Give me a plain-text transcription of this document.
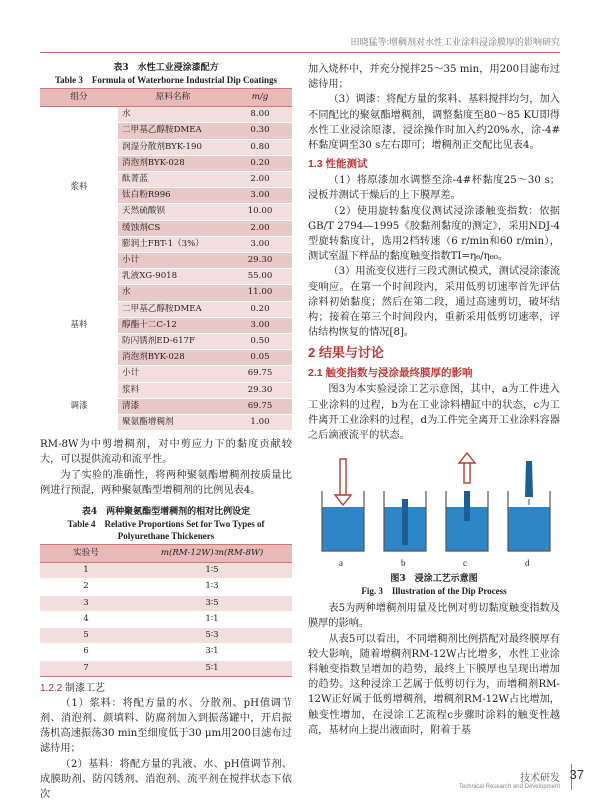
田晓猛等:增稠剂对水性工业涂料浸涂膜厚的影响研究
表3　水性工业浸涂漆配方
Table 3　Formula of Waterborne Industrial Dip Coatings
组分	原料名称	m/g
浆料	水	8.00
	二甲基乙醇胺DMEA	0.30
	润湿分散剂BYK-190	0.80
	消泡剂BYK-028	0.20
	酞菁蓝	2.00
	钛白粉R996	3.00
	天然硫酸钡	10.00
	缓蚀剂CS	2.00
	膨润土FBT-1（3%）	3.00
	小计	29.30
基料	乳液XG-9018	55.00
	水	11.00
	二甲基乙醇胺DMEA	0.20
	醇酯十二C-12	3.00
	防闪锈剂ED-617F	0.50
	消泡剂BYK-028	0.05
	小计	69.75
调漆	浆料	29.30
	清漆	69.75
	聚氨酯增稠剂	1.00

RM-8W为中剪增稠剂，对中剪应力下的黏度贡献较大，可以提供流动和流平性。

为了实验的准确性，将两种聚氨酯增稠剂按质量比例进行预混，两种聚氨酯型增稠剂的比例见表4。

表4　两种聚氨酯型增稠剂的相对比例设定
Table 4　Relative Proportions Set for Two Types of
Polyurethane Thickeners
实验号	m(RM-12W)∶m(RM-8W)
1	1∶5
2	1∶3
3	3∶5
4	1∶1
5	5∶3
6	3∶1
7	5∶1
1.2.2 制漆工艺

（1）浆料：将配方量的水、分散剂、pH值调节剂、消泡剂、颜填料、防腐剂加入到振荡罐中，开启振荡机高速振荡30 min至细度低于30 μm用200目滤布过滤待用；

（2）基料：将配方量的乳液、水、pH值调节剂、成膜助剂、防闪锈剂、消泡剂、流平剂在搅拌状态下依次

加入烧杯中，并充分搅拌25～35 min，用200目滤布过滤待用；

（3）调漆：将配方量的浆料、基料搅拌均匀，加入不同配比的聚氨酯增稠剂，调整黏度至80～85 KU即得水性工业浸涂原漆，浸涂操作时加入约20%水，涂-4#杯黏度调至30 s左右即可；增稠剂正交配比见表4。

1.3 性能测试

（1）将原漆加水调整至涂-4#杯黏度25～30 s；浸板并测试干燥后的上下膜厚差。

（2）使用旋转黏度仪测试浸涂漆触变指数：依据GB/T 2794—1995《胶黏剂黏度的测定》，采用NDJ-4型旋转黏度计，选用2档转速（6 r/min和60 r/min），测试室温下样品的黏度触变指数TI=η₆/η₆₀。

（3）用流变仪进行三段式测试模式，测试浸涂漆流变响应。在第一个时间段内，采用低剪切速率首先评估涂料初始黏度；然后在第二段，通过高速剪切，破坏结构；接着在第三个时间段内，重新采用低剪切速率，评估结构恢复的情况[8]。

2 结果与讨论
2.1 触变指数与浸涂最终膜厚的影响

图3为本实验浸涂工艺示意图，其中，a为工件进入工业涂料的过程，b为在工业涂料槽缸中的状态，c为工件离开工业涂料的过程，d为工件完全离开工业涂料容器之后滴液流平的状态。

a	b	c	d
图3　浸涂工艺示意图
Fig. 3　Illustration of the Dip Process

表5为两种增稠剂用量及比例对剪切黏度触变指数及膜厚的影响。

从表5可以看出，不同增稠剂比例搭配对最终膜厚有较大影响，随着增稠剂RM-12W占比增多，水性工业涂料触变指数呈增加的趋势，最终上下膜厚也呈现出增加的趋势。这种浸涂工艺属于低剪切行为，而增稠剂RM-12W正好属于低剪增稠剂，增稠剂RM-12W占比增加，触变性增加，在浸涂工艺流程c步骤时涂料的触变性越高，基材向上提出液面时，附着于基

技术研发
Technical Research and Development
37
